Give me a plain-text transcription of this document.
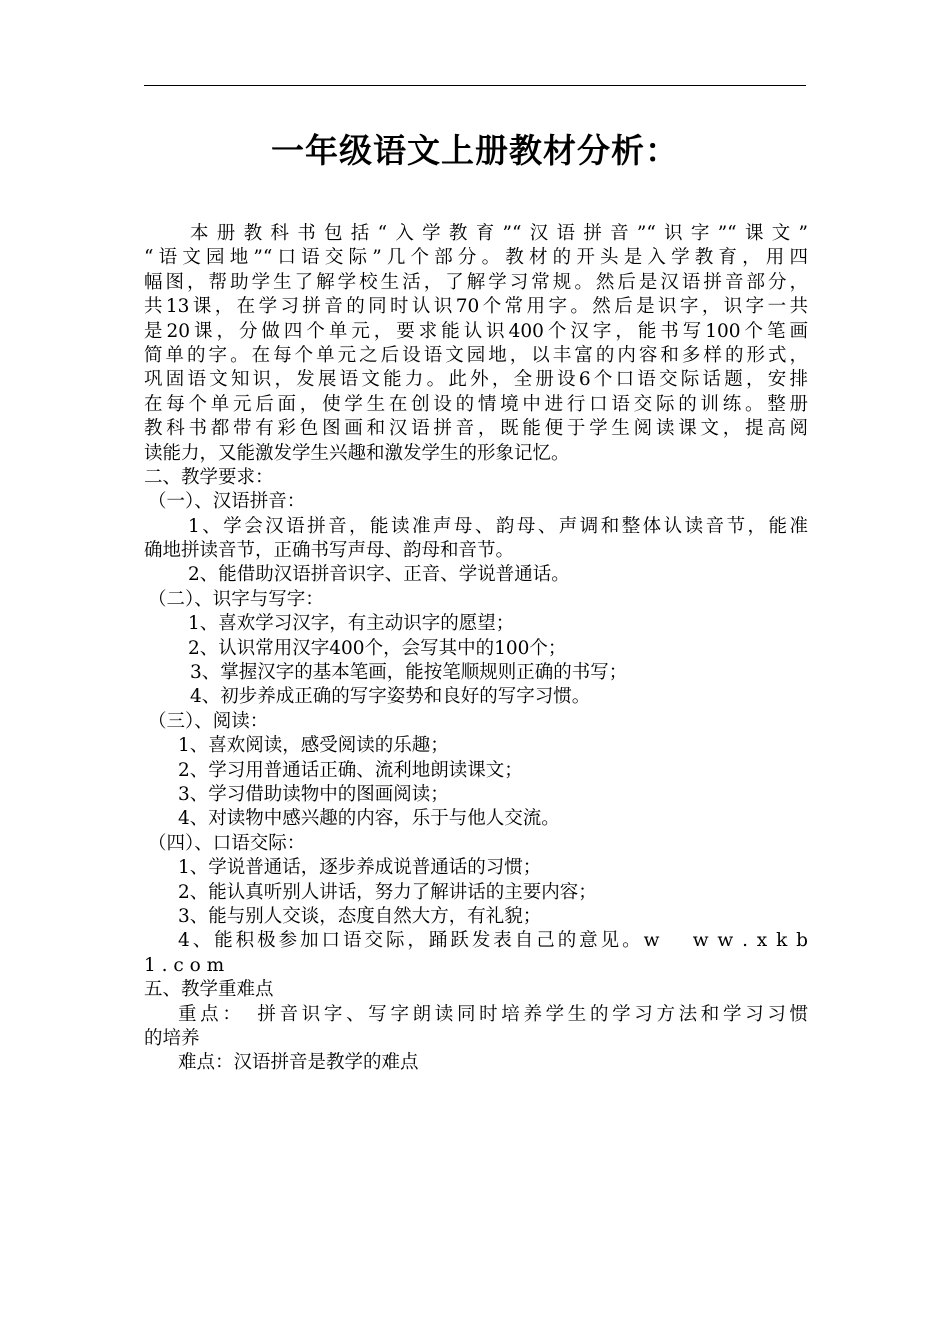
一年级语文上册教材分析：
本册教科书包括“入学教育”“汉语拼音”“识字”“课文”
“语文园地”“口语交际”几个部分。教材的开头是入学教育，用四
幅图，帮助学生了解学校生活，了解学习常规。然后是汉语拼音部分，
共13课，在学习拼音的同时认识70个常用字。然后是识字，识字一共
是20课，分做四个单元，要求能认识400个汉字，能书写100个笔画
简单的字。在每个单元之后设语文园地，以丰富的内容和多样的形式，
巩固语文知识，发展语文能力。此外，全册设6个口语交际话题，安排
在每个单元后面，使学生在创设的情境中进行口语交际的训练。整册
教科书都带有彩色图画和汉语拼音，既能便于学生阅读课文，提高阅
读能力，又能激发学生兴趣和激发学生的形象记忆。
二、教学要求：
（一）、汉语拼音：
1、学会汉语拼音，能读准声母、韵母、声调和整体认读音节，能准
确地拼读音节，正确书写声母、韵母和音节。
2、能借助汉语拼音识字、正音、学说普通话。
（二）、识字与写字：
1、喜欢学习汉字，有主动识字的愿望；
2、认识常用汉字400个，会写其中的100个；
3、掌握汉字的基本笔画，能按笔顺规则正确的书写；
4、初步养成正确的写字姿势和良好的写字习惯。
（三）、阅读：
1、喜欢阅读，感受阅读的乐趣；
2、学习用普通话正确、流利地朗读课文；
3、学习借助读物中的图画阅读；
4、对读物中感兴趣的内容，乐于与他人交流。
（四）、口语交际：
1、学说普通话，逐步养成说普通话的习惯；
2、能认真听别人讲话，努力了解讲话的主要内容；
3、能与别人交谈，态度自然大方，有礼貌；
4、能积极参加口语交际，踊跃发表自己的意见。w　 w w . x k b
1 . c o m
五、教学重难点
重点：　拼音识字、写字朗读同时培养学生的学习方法和学习习惯
的培养
难点：汉语拼音是教学的难点
